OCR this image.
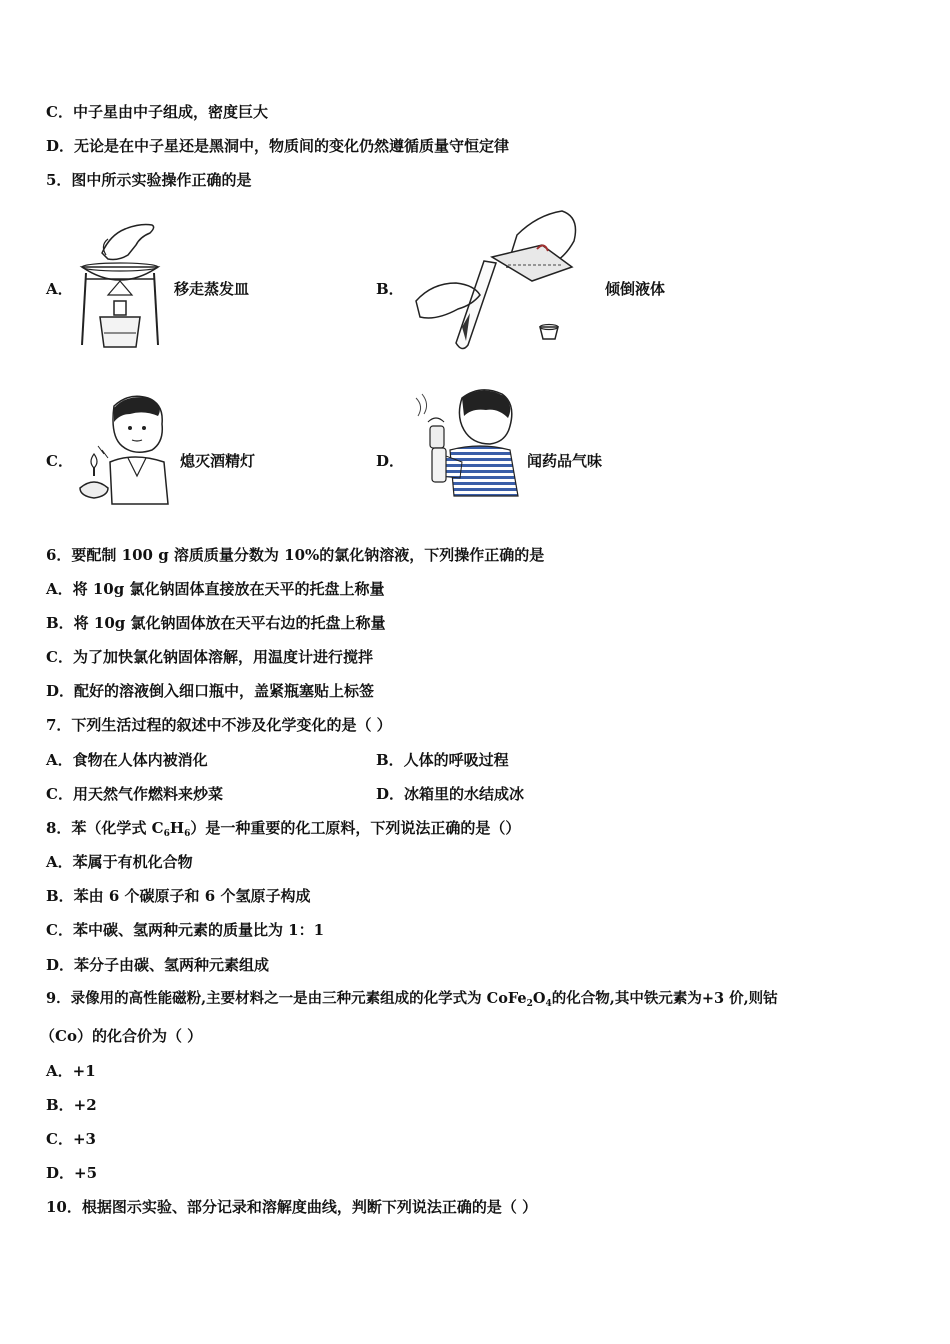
C．中子星由中子组成，密度巨大
D．无论是在中子星还是黑洞中，物质间的变化仍然遵循质量守恒定律
5．图中所示实验操作正确的是
A．	移走蒸发皿	B．	倾倒液体
C．	熄灭酒精灯	D．	闻药品气味
6．要配制 100 g 溶质质量分数为 10%的氯化钠溶液，下列操作正确的是
A．将 10g 氯化钠固体直接放在天平的托盘上称量
B．将 10g 氯化钠固体放在天平右边的托盘上称量
C．为了加快氯化钠固体溶解，用温度计进行搅拌
D．配好的溶液倒入细口瓶中，盖紧瓶塞贴上标签
7．下列生活过程的叙述中不涉及化学变化的是（ ）
A．食物在人体内被消化	B．人体的呼吸过程
C．用天然气作燃料来炒菜	D．冰箱里的水结成冰
8．苯（化学式 $C_6H_6$）是一种重要的化工原料，下列说法正确的是（）
A．苯属于有机化合物
B．苯由 6 个碳原子和 6 个氢原子构成
C．苯中碳、氢两种元素的质量比为 1：1
D．苯分子由碳、氢两种元素组成
9．录像用的高性能磁粉,主要材料之一是由三种元素组成的化学式为 $CoFe_2O_4$的化合物,其中铁元素为+3 价,则钴
（Co）的化合价为（ ）
A．+1
B．+2
C．+3
D．+5
10．根据图示实验、部分记录和溶解度曲线，判断下列说法正确的是（ ）
